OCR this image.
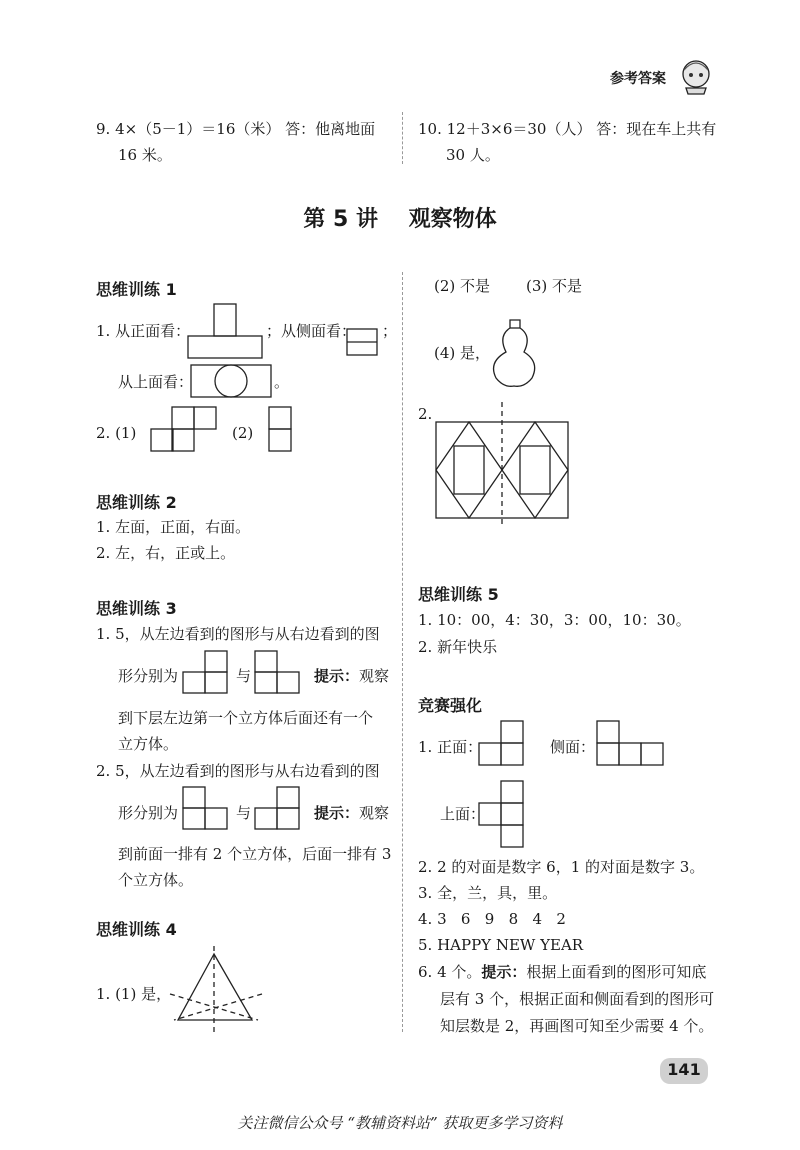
参考答案
9. 4×（5－1）＝16（米） 答：他离地面
16 米。
10. 12＋3×6＝30（人） 答：现在车上共有
30 人。
第 5 讲    观察物体
思维训练 1
1. 从正面看：	；从侧面看： ；
从上面看：	。
2. (1)	(2)
思维训练 2
1. 左面，正面，右面。
2. 左，右，正或上。
思维训练 3
1. 5，从左边看到的图形与从右边看到的图
形分别为	与	提示：观察
到下层左边第一个立方体后面还有一个
立方体。
2. 5，从左边看到的图形与从右边看到的图
形分别为	与	提示：观察
到前面一排有 2 个立方体，后面一排有 3
个立方体。
思维训练 4
1. (1) 是，
(2) 不是 (3) 不是
(4) 是，
2.
思维训练 5
1. 10：00，4：30，3：00，10：30。
2. 新年快乐
竞赛强化
1. 正面：	侧面：
上面：
2. 2 的对面是数字 6，1 的对面是数字 3。
3. 全，兰，具，里。
4. 3   6   9   8   4   2
5. HAPPY NEW YEAR
6. 4 个。提示：根据上面看到的图形可知底
层有 3 个，根据正面和侧面看到的图形可
知层数是 2，再画图可知至少需要 4 个。
141
关注微信公众号 “教辅资料站” 获取更多学习资料
